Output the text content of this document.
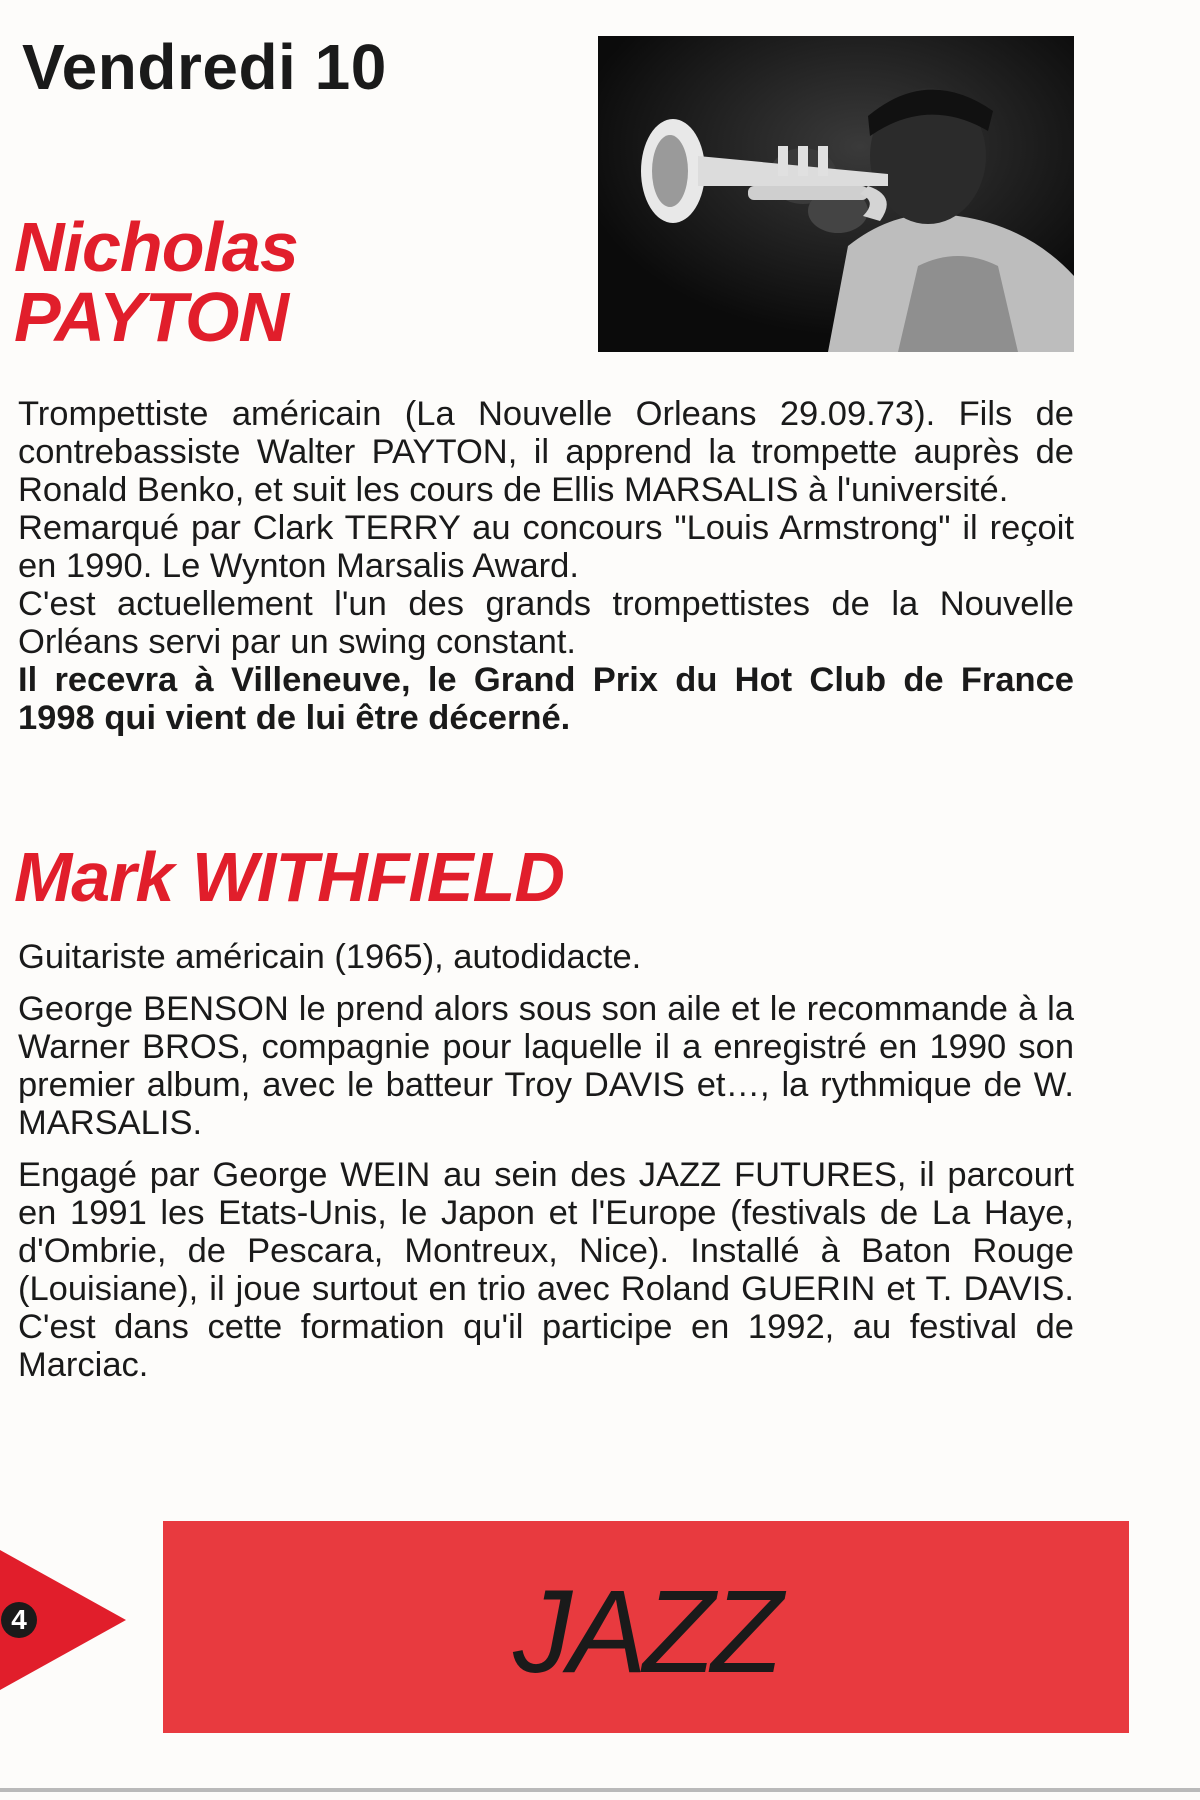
Vendredi 10
Nicholas
PAYTON

Trompettiste américain (La Nouvelle Orleans 29.09.73). Fils de contrebassiste Walter PAYTON, il apprend la trompette auprès de Ronald Benko, et suit les cours de Ellis MARSALIS à l'université.

Remarqué par Clark TERRY au concours "Louis Armstrong" il reçoit en 1990. Le Wynton Marsalis Award.

C'est actuellement l'un des grands trompettistes de la Nouvelle Orléans servi par un swing constant.

Il recevra à Villeneuve, le Grand Prix du Hot Club de France 1998 qui vient de lui être décerné.

Mark WITHFIELD

Guitariste américain (1965), autodidacte.

George BENSON le prend alors sous son aile et le recommande à la Warner BROS, compagnie pour laquelle il a enregistré en 1990 son premier album, avec le batteur Troy DAVIS et…, la rythmique de W. MARSALIS.

Engagé par George WEIN au sein des JAZZ FUTURES, il parcourt en 1991 les Etats-Unis, le Japon et l'Europe (festivals de La Haye, d'Ombrie, de Pescara, Montreux, Nice). Installé à Baton Rouge (Louisiane), il joue surtout en trio avec Roland GUERIN et T. DAVIS. C'est dans cette formation qu'il participe en 1992, au festival de Marciac.

4	JAZZ
